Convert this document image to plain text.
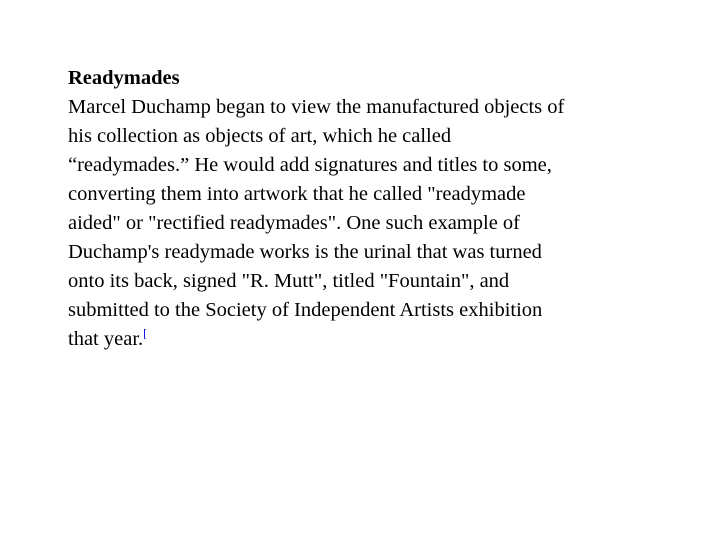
Readymades
Marcel Duchamp began to view the manufactured objects of
his collection as objects of art, which he called
“readymades.” He would add signatures and titles to some,
converting them into artwork that he called "readymade
aided" or "rectified readymades". One such example of
Duchamp's readymade works is the urinal that was turned
onto its back, signed "R. Mutt", titled "Fountain", and
submitted to the Society of Independent Artists exhibition
that year.[
